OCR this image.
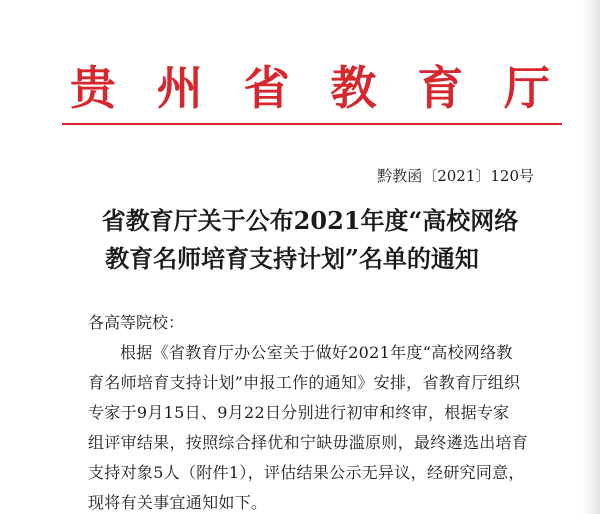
贵 州 省 教 育 厅
黔教函〔2021〕120号
省教育厅关于公布2021年度“高校网络
教育名师培育支持计划”名单的通知
各高等院校：
根据《省教育厅办公室关于做好2021年度“高校网络教
育名师培育支持计划”申报工作的通知》安排，省教育厅组织
专家于9月15日、9月22日分别进行初审和终审，根据专家
组评审结果，按照综合择优和宁缺毋滥原则，最终遴选出培育
支持对象5人（附件1），评估结果公示无异议，经研究同意，
现将有关事宜通知如下。
